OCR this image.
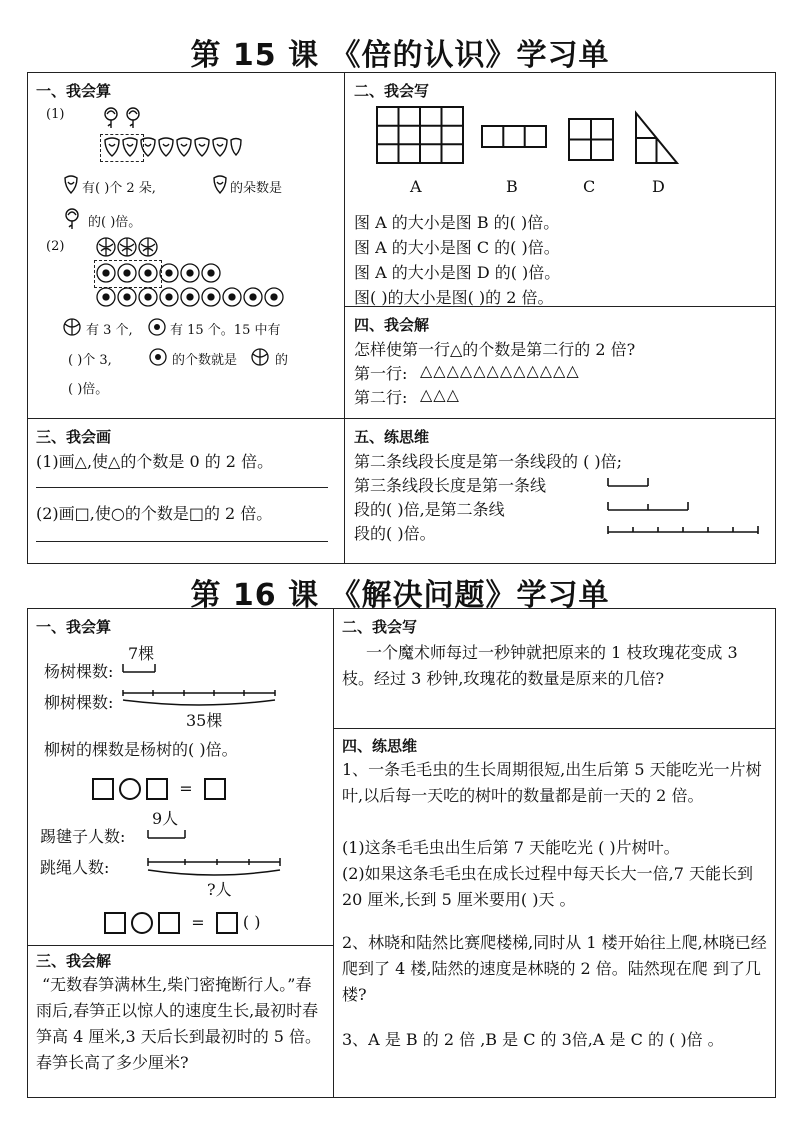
第 15 课 《倍的认识》学习单
一、我会算
(1)
有( )个 2 朵,	的朵数是
的( )倍。
(2)
有 3 个,	有 15 个。15 中有
( )个 3,	的个数就是	的
( )倍。
二、我会写
A	B	C	D
图 A 的大小是图 B 的( )倍。
图 A 的大小是图 C 的( )倍。
图 A 的大小是图 D 的( )倍。
图( )的大小是图( )的 2 倍。
四、我会解
怎样使第一行△的个数是第二行的 2 倍?
第一行: △△△△△△△△△△△△
第二行: △△△
三、我会画
(1)画△,使△的个数是 0 的 2 倍。
(2)画□,使○的个数是□的 2 倍。
五、练思维
第二条线段长度是第一条线段的 ( )倍;
第三条线段长度是第一条线
段的( )倍,是第二条线
段的( )倍。
第 16 课 《解决问题》学习单
一、我会算
7棵
杨树棵数:
柳树棵数:
35棵
柳树的棵数是杨树的( )倍。
=
9人
踢毽子人数:
跳绳人数:
?人
= ( )
三、我会解
“无数春笋满林生,柴门密掩断行人。”春雨后,春笋正以惊人的速度生长,最初时春笋高 4 厘米,3 天后长到最初时的 5 倍。春笋长高了多少厘米?
二、我会写
一个魔术师每过一秒钟就把原来的 1 枝玫瑰花变成 3 枝。经过 3 秒钟,玫瑰花的数量是原来的几倍?
四、练思维
1、一条毛毛虫的生长周期很短,出生后第 5 天能吃光一片树叶,以后每一天吃的树叶的数量都是前一天的 2 倍。
(1)这条毛毛虫出生后第 7 天能吃光 ( )片树叶。
(2)如果这条毛毛虫在成长过程中每天长大一倍,7 天能长到 20 厘米,长到 5 厘米要用( )天 。
2、林晓和陆然比赛爬楼梯,同时从 1 楼开始往上爬,林晓已经爬到了 4 楼,陆然的速度是林晓的 2 倍。陆然现在爬 到了几楼?
3、A 是 B 的 2 倍 ,B 是 C 的 3倍,A 是 C 的 ( )倍 。
